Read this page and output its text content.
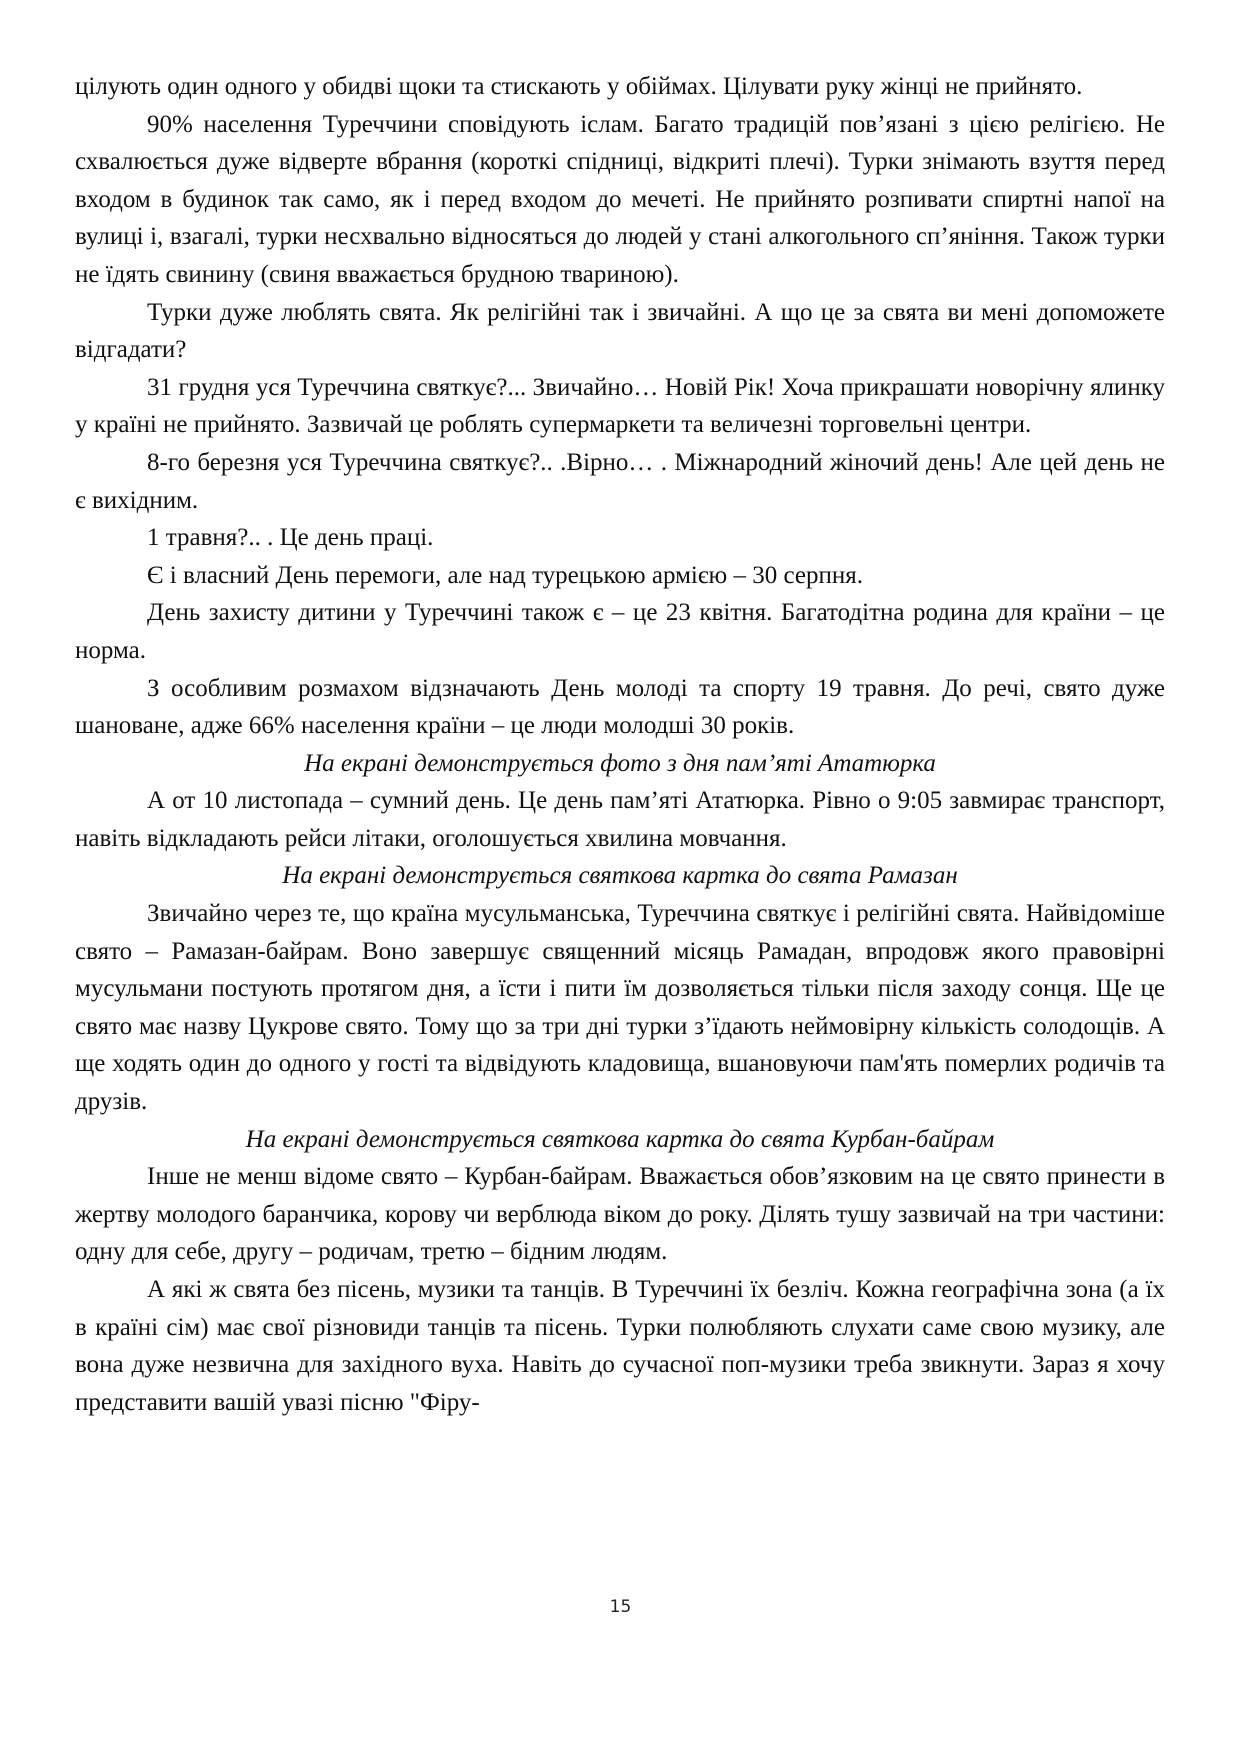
цілують один одного у обидві щоки та стискають у обіймах. Цілувати руку жінці не прийнято.

90% населення Туреччини сповідують іслам. Багато традицій пов’язані з цією релігією. Не схвалюється дуже відверте вбрання (короткі спідниці, відкриті плечі). Турки знімають взуття перед входом в будинок так само, як і перед входом до мечеті. Не прийнято розпивати спиртні напої на вулиці і, взагалі, турки несхвально відносяться до людей у стані алкогольного сп’яніння. Також турки не їдять свинину (свиня вважається брудною твариною).

Турки дуже люблять свята. Як релігійні так і звичайні. А що це за свята ви мені допоможете відгадати?

31 грудня уся Туреччина святкує?... Звичайно… Новій Рік! Хоча прикрашати новорічну ялинку у країні не прийнято. Зазвичай це роблять супермаркети та величезні торговельні центри.

8-го березня уся Туреччина святкує?.. .Вірно… . Міжнародний жіночий день! Але цей день не є вихідним.

1 травня?.. . Це день праці.

Є і власний День перемоги, але над турецькою армією – 30 серпня.

День захисту дитини у Туреччині також є – це 23 квітня. Багатодітна родина для країни – це норма.

З особливим розмахом відзначають День молоді та спорту 19 травня. До речі, свято дуже шановане, адже 66% населення країни – це люди молодші 30 років.

На екрані демонструється фото з дня пам’яті Ататюрка

А от 10 листопада – сумний день. Це день пам’яті Ататюрка. Рівно о 9:05 завмирає транспорт, навіть відкладають рейси літаки, оголошується хвилина мовчання.

На екрані демонструється святкова картка до свята Рамазан

Звичайно через те, що країна мусульманська, Туреччина святкує і релігійні свята. Найвідоміше свято – Рамазан-байрам. Воно завершує священний місяць Рамадан, впродовж якого правовірні мусульмани постують протягом дня, а їсти і пити їм дозволяється тільки після заходу сонця. Ще це свято має назву Цукрове свято. Тому що за три дні турки з’їдають неймовірну кількість солодощів. А ще ходять один до одного у гості та відвідують кладовища, вшановуючи пам'ять померлих родичів та друзів.

На екрані демонструється святкова картка до свята Курбан-байрам

Інше не менш відоме свято – Курбан-байрам. Вважається обов’язковим на це свято принести в жертву молодого баранчика, корову чи верблюда віком до року. Ділять тушу зазвичай на три частини: одну для себе, другу – родичам, третю – бідним людям.

А які ж свята без пісень, музики та танців. В Туреччині їх безліч. Кожна географічна зона (а їх в країні сім) має свої різновиди танців та пісень. Турки полюбляють слухати саме свою музику, але вона дуже незвична для західного вуха. Навіть до сучасної поп-музики треба звикнути. Зараз я хочу представити вашій увазі пісню "Фіру-

15
